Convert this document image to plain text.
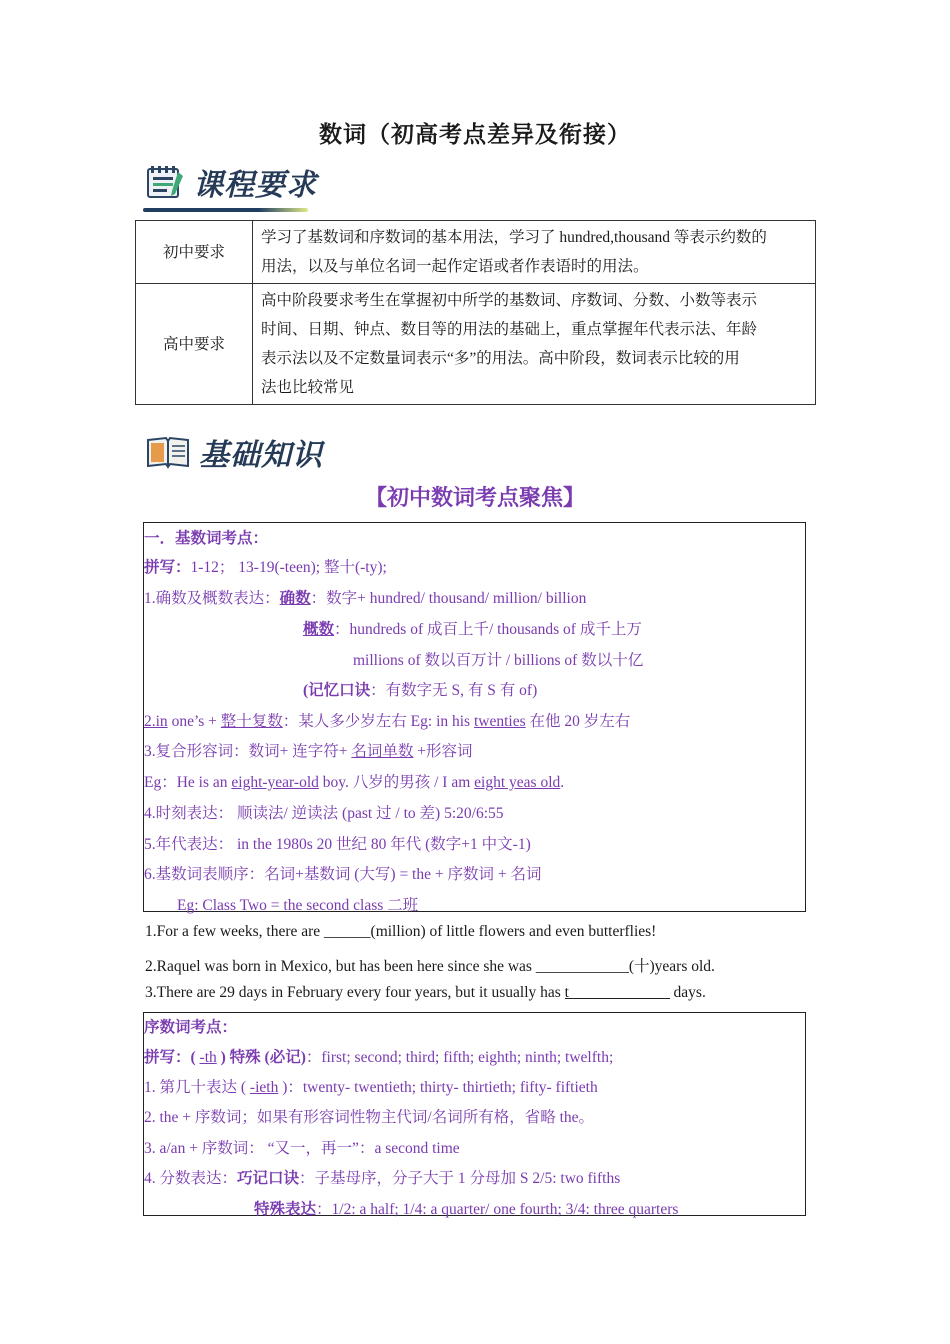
数词（初高考点差异及衔接）
课程要求
初中要求	学习了基数词和序数词的基本用法，学习了 hundred,thousand 等表示约数的
用法，以及与单位名词一起作定语或者作表语时的用法。

高中要求	高中阶段要求考生在掌握初中所学的基数词、序数词、分数、小数等表示
时间、日期、钟点、数目等的用法的基础上，重点掌握年代表示法、年龄
表示法以及不定数量词表示“多”的用法。高中阶段，数词表示比较的用
法也比较常见
基础知识
【初中数词考点聚焦】
一．基数词考点：
拼写：1-12； 13-19(-teen); 整十(-ty);
1.确数及概数表达：确数：数字+ hundred/ thousand/ million/ billion
概数：hundreds of 成百上千/ thousands of 成千上万
millions of 数以百万计 / billions of 数以十亿
(记忆口诀：有数字无 S, 有 S 有 of)
2.in one’s + 整十复数：某人多少岁左右 Eg: in his twenties 在他 20 岁左右
3.复合形容词：数词+ 连字符+ 名词单数 +形容词
Eg：He is an eight-year-old boy. 八岁的男孩 / I am eight yeas old.
4.时刻表达： 顺读法/ 逆读法 (past 过 / to 差) 5:20/6:55
5.年代表达： in the 1980s 20 世纪 80 年代 (数字+1 中文-1)
6.基数词表顺序：名词+基数词 (大写) = the + 序数词 + 名词
Eg: Class Two = the second class 二班
1.For a few weeks, there are ______(million) of little flowers and even butterflies!
2.Raquel was born in Mexico, but has been here since she was ____________(十)years old.
3.There are 29 days in February every four years, but it usually has t	days.
序数词考点：
拼写：( -th ) 特殊 (必记)：first; second; third; fifth; eighth; ninth; twelfth;
1. 第几十表达 ( -ieth )：twenty- twentieth; thirty- thirtieth; fifty- fiftieth
2. the + 序数词；如果有形容词性物主代词/名词所有格，省略 the。
3. a/an + 序数词： “又一，再一”：a second time
4. 分数表达：巧记口诀：子基母序，分子大于 1 分母加 S 2/5: two fifths
特殊表达：1/2: a half; 1/4: a quarter/ one fourth; 3/4: three quarters
